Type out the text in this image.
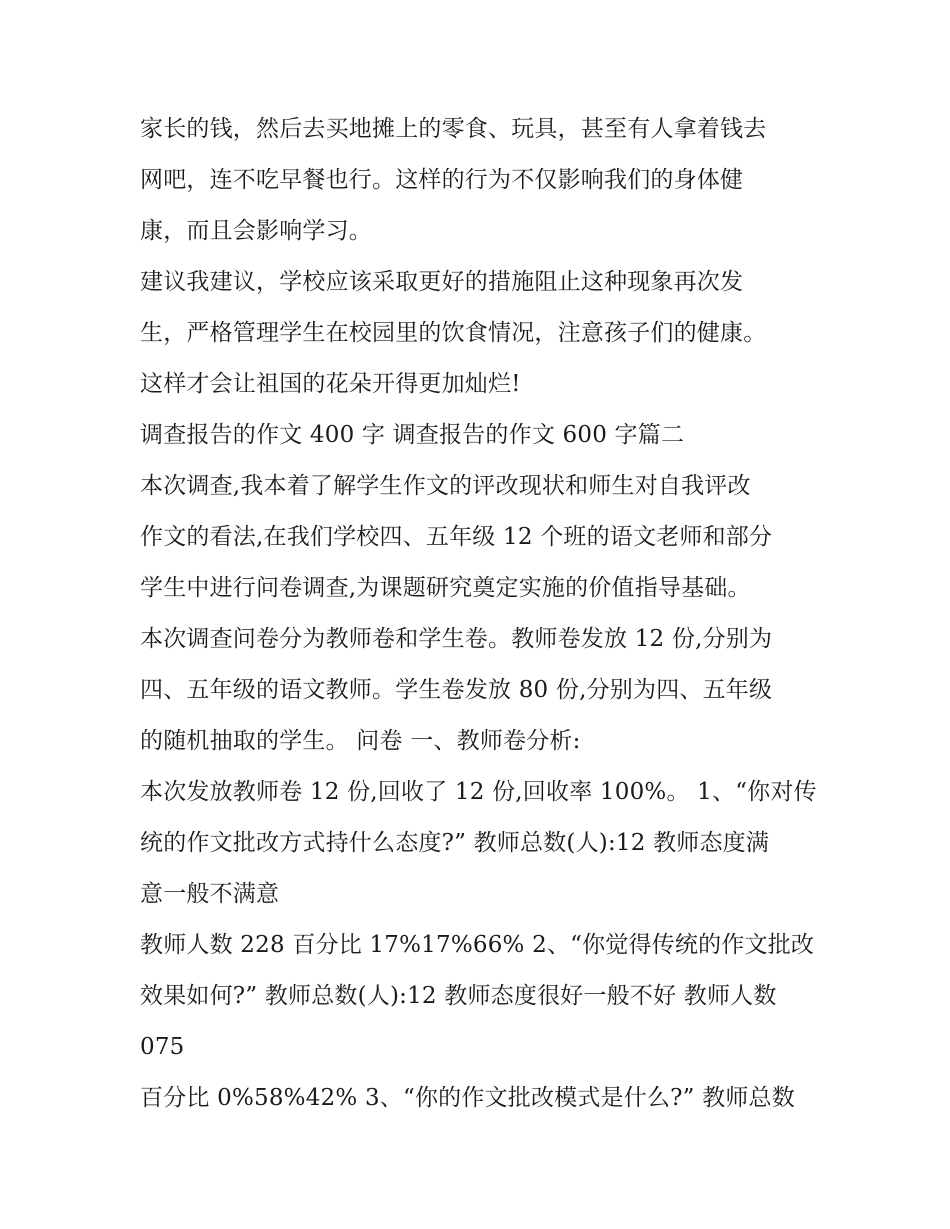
家长的钱，然后去买地摊上的零食、玩具，甚至有人拿着钱去
网吧，连不吃早餐也行。这样的行为不仅影响我们的身体健
康，而且会影响学习。
建议我建议，学校应该采取更好的措施阻止这种现象再次发
生，严格管理学生在校园里的饮食情况，注意孩子们的健康。
这样才会让祖国的花朵开得更加灿烂!
调查报告的作文 400 字 调查报告的作文 600 字篇二
本次调查,我本着了解学生作文的评改现状和师生对自我评改
作文的看法,在我们学校四、五年级 12 个班的语文老师和部分
学生中进行问卷调查,为课题研究奠定实施的价值指导基础。
本次调查问卷分为教师卷和学生卷。教师卷发放 12 份,分别为
四、五年级的语文教师。学生卷发放 80 份,分别为四、五年级
的随机抽取的学生。 问卷 一、教师卷分析:
本次发放教师卷 12 份,回收了 12 份,回收率 100%。 1、“你对传
统的作文批改方式持什么态度?” 教师总数(人):12 教师态度满
意一般不满意
教师人数 228 百分比 17%17%66% 2、“你觉得传统的作文批改
效果如何?” 教师总数(人):12 教师态度很好一般不好 教师人数
075
百分比 0%58%42% 3、“你的作文批改模式是什么?” 教师总数
